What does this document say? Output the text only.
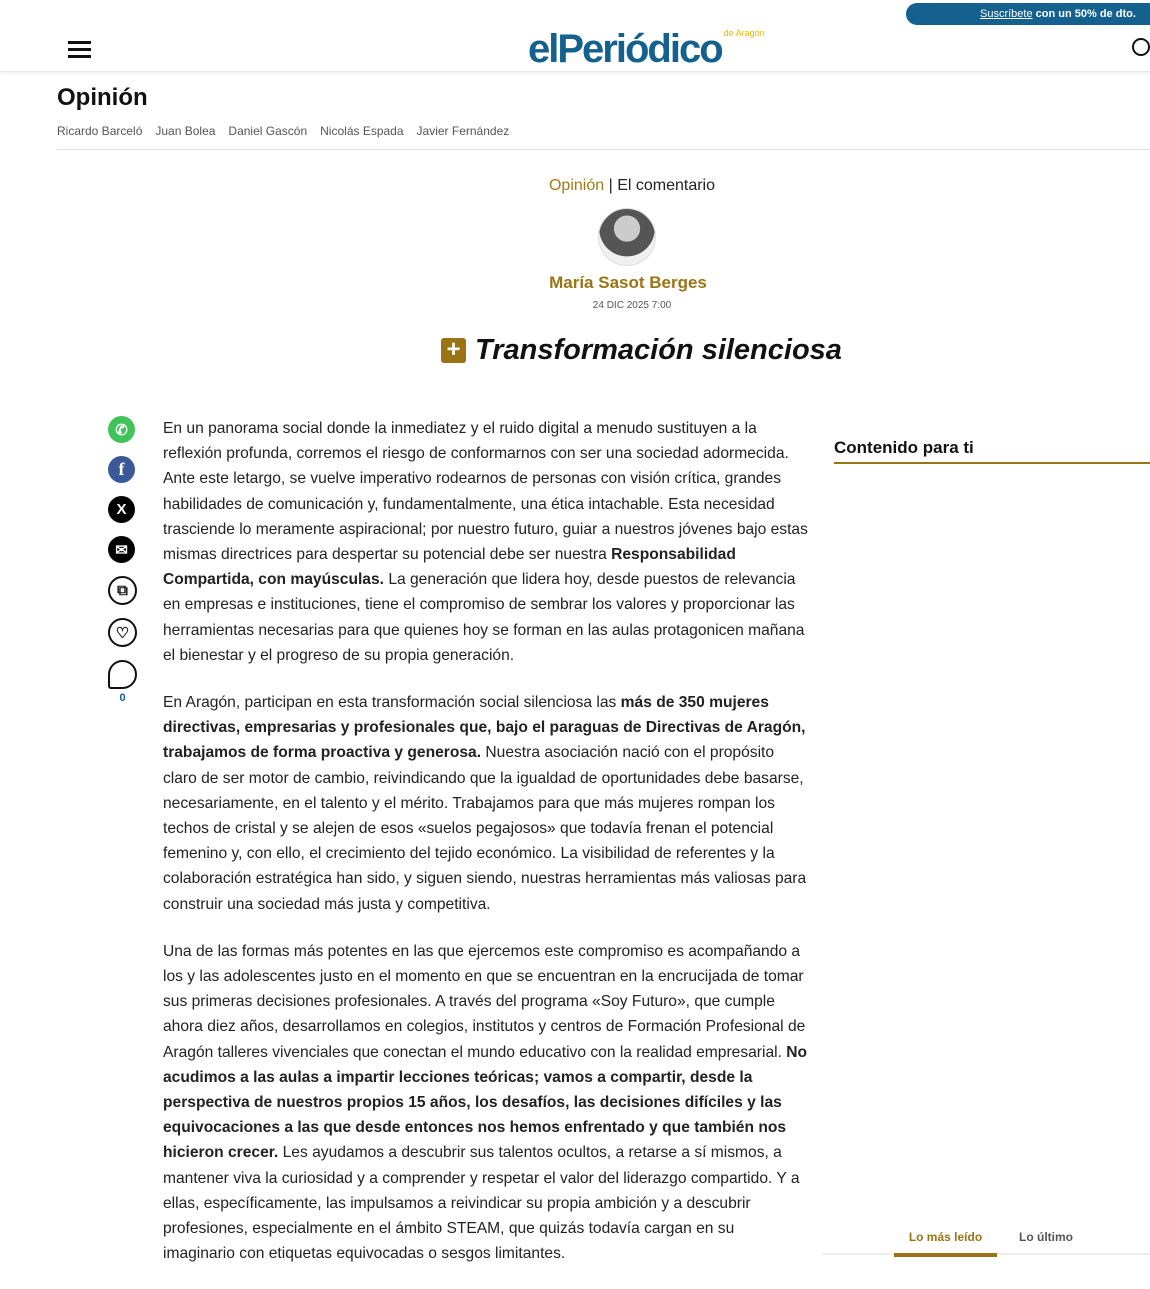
Suscríbete con un 50% de dto.
elPeriódico de Aragón
Opinión
Ricardo Barceló Juan Bolea Daniel Gascón Nicolás Espada Javier Fernández
Opinión | El comentario
María Sasot Berges
24 DIC 2025 7:00
+ Transformación silenciosa
✆
f
X
✉
⧉
♡
0

En un panorama social donde la inmediatez y el ruido digital a menudo sustituyen a la reflexión profunda, corremos el riesgo de conformarnos con ser una sociedad adormecida. Ante este letargo, se vuelve imperativo rodearnos de personas con visión crítica, grandes habilidades de comunicación y, fundamentalmente, una ética intachable. Esta necesidad trasciende lo meramente aspiracional; por nuestro futuro, guiar a nuestros jóvenes bajo estas mismas directrices para despertar su potencial debe ser nuestra Responsabilidad Compartida, con mayúsculas. La generación que lidera hoy, desde puestos de relevancia en empresas e instituciones, tiene el compromiso de sembrar los valores y proporcionar las herramientas necesarias para que quienes hoy se forman en las aulas protagonicen mañana el bienestar y el progreso de su propia generación.

En Aragón, participan en esta transformación social silenciosa las más de 350 mujeres directivas, empresarias y profesionales que, bajo el paraguas de Directivas de Aragón, trabajamos de forma proactiva y generosa. Nuestra asociación nació con el propósito claro de ser motor de cambio, reivindicando que la igualdad de oportunidades debe basarse, necesariamente, en el talento y el mérito. Trabajamos para que más mujeres rompan los techos de cristal y se alejen de esos «suelos pegajosos» que todavía frenan el potencial femenino y, con ello, el crecimiento del tejido económico. La visibilidad de referentes y la colaboración estratégica han sido, y siguen siendo, nuestras herramientas más valiosas para construir una sociedad más justa y competitiva.

Una de las formas más potentes en las que ejercemos este compromiso es acompañando a los y las adolescentes justo en el momento en que se encuentran en la encrucijada de tomar sus primeras decisiones profesionales. A través del programa «Soy Futuro», que cumple ahora diez años, desarrollamos en colegios, institutos y centros de Formación Profesional de Aragón talleres vivenciales que conectan el mundo educativo con la realidad empresarial. No acudimos a las aulas a impartir lecciones teóricas; vamos a compartir, desde la perspectiva de nuestros propios 15 años, los desafíos, las decisiones difíciles y las equivocaciones a las que desde entonces nos hemos enfrentado y que también nos hicieron crecer. Les ayudamos a descubrir sus talentos ocultos, a retarse a sí mismos, a mantener viva la curiosidad y a comprender y respetar el valor del liderazgo compartido. Y a ellas, específicamente, las impulsamos a reivindicar su propia ambición y a descubrir profesiones, especialmente en el ámbito STEAM, que quizás todavía cargan en su imaginario con etiquetas equivocadas o sesgos limitantes.

Contenido para ti
Lo más leído	Lo último
